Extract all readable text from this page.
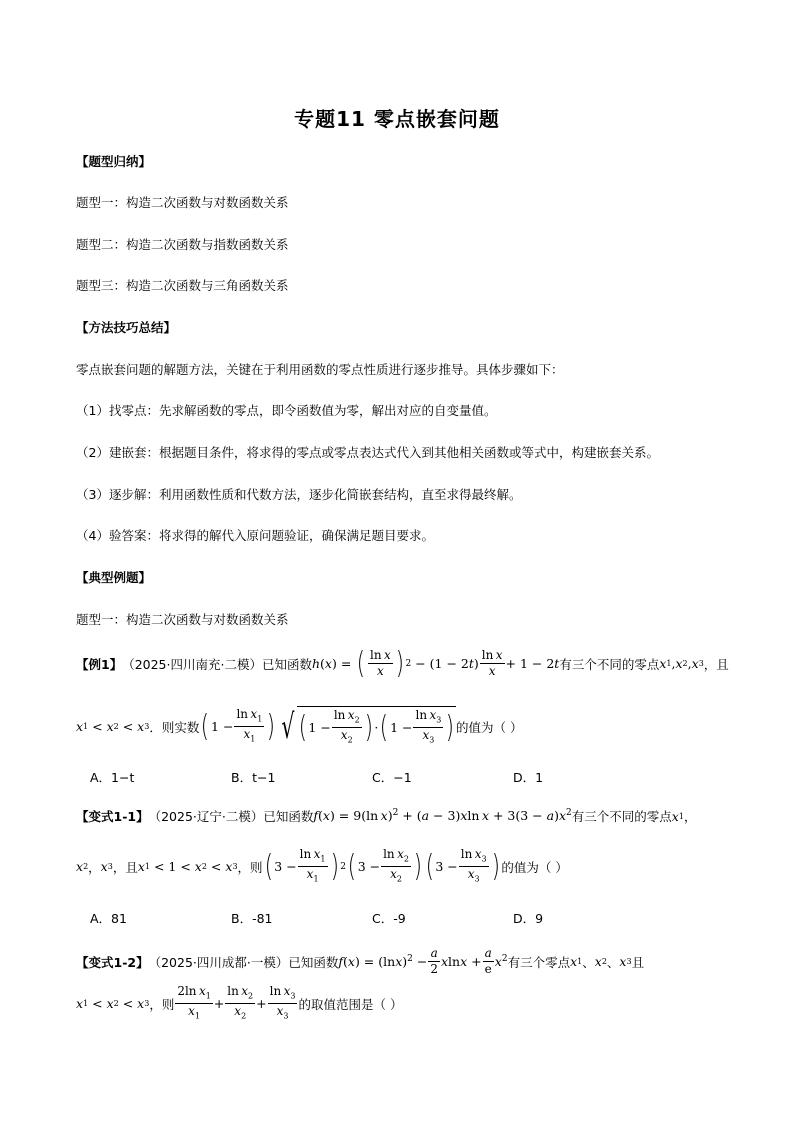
专题11 零点嵌套问题
【题型归纳】
题型一：构造二次函数与对数函数关系
题型二：构造二次函数与指数函数关系
题型三：构造二次函数与三角函数关系
【方法技巧总结】
零点嵌套问题的解题方法，关键在于利用函数的零点性质进行逐步推导。具体步骤如下：
（1）找零点：先求解函数的零点，即令函数值为零，解出对应的自变量值。
（2）建嵌套：根据题目条件，将求得的零点或零点表达式代入到其他相关函数或等式中，构建嵌套关系。
（3）逐步解：利用函数性质和代数方法，逐步化简嵌套结构，直至求得最终解。
（4）验答案：将求得的解代入原问题验证，确保满足题目要求。
【典型例题】
题型一：构造二次函数与对数函数关系
【例1】 （2025·四川南充·二模）已知函数 h ( x ) = ( $\frac{\text{ln x}}{x}$ ) $2 - (1 - 2t) \frac{\text{ln x}}{x} + 1 - 2t$ 有三个不同的零点 x 1 , x 2 , x 3 ，且
x 1 < x 2 < x 3 ．则实数 ( $1 - \frac{\ln x_1}{x_1}$ ) √ ( $1 - \frac{\ln x_2}{x_2}$ ) · ( $1 - \frac{\ln x_3}{x_3}$ ) 的值为（ ）
A．1−t	B．t−1	C．−1	D．1
【变式1-1】 （2025·辽宁·二模）已知函数 f(x) = 9(ln x)$^2$ + (a − 3)xln $x + 3(3 - a)x^2$ 有三个不同的零点 x 1 ，
x 2 ， x 3 ，且 x 1 < 1 < x 2 < x 3 ，则 ( $3 - \frac{\ln x_1}{x_1}$ ) 2 ( $3 - \frac{\ln x_2}{x_2}$ ) ( $3 - \frac{\ln x_3}{x_3}$ ) 的值为（ ）
A．81	B．-81	C．-9	D．9
【变式1-2】 （2025·四川成都·一模）已知函数 $f(x) = (\ln x)^2 - \frac{a}{2}$ $xlnx + \frac{a}{e} x^2$ 有三个零点 x 1 、 x 2 、 x 3 且
x 1 < x 2 < x 3 ，则 $\frac{2\ln x_1}{x_1} + \frac{\ln x_2}{x_2} + \frac{\ln x_3}{x_3}$ 的取值范围是（ ）
